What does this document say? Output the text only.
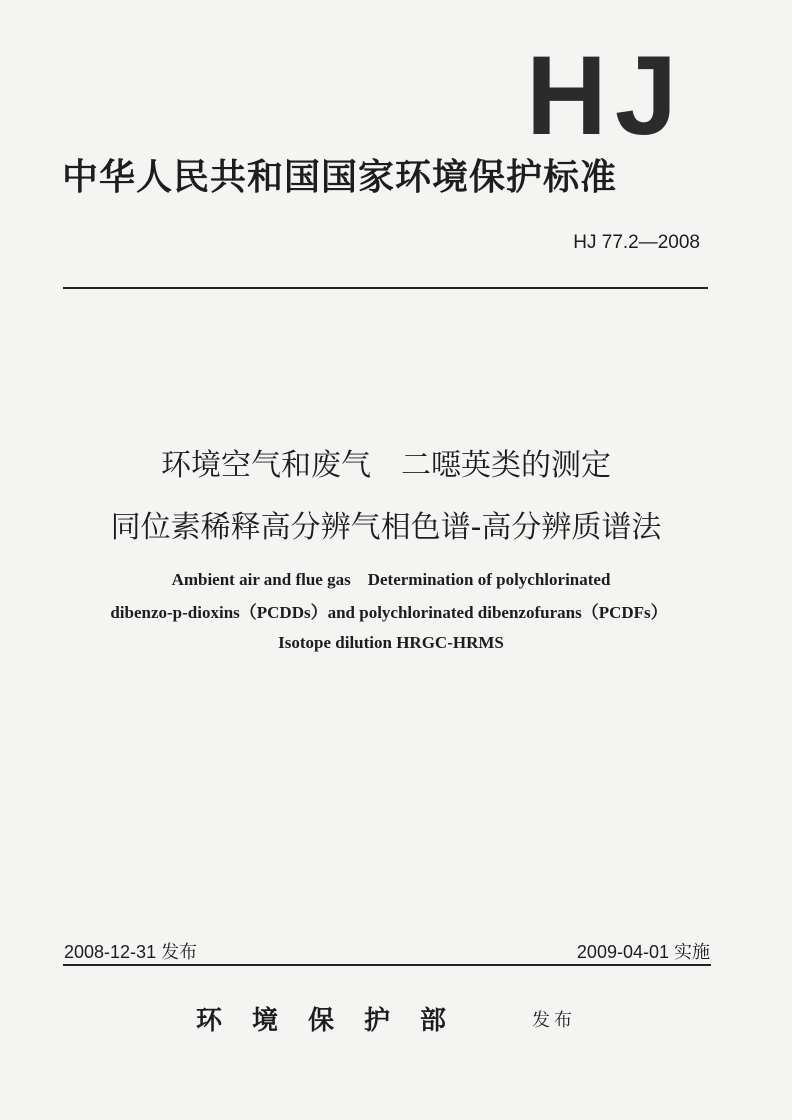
HJ
中华人民共和国国家环境保护标准
HJ 77.2—2008
环境空气和废气　二噁英类的测定
同位素稀释高分辨气相色谱-高分辨质谱法
Ambient air and flue gas　Determination of polychlorinated
dibenzo-p-dioxins（PCDDs）and polychlorinated dibenzofurans（PCDFs）
Isotope dilution HRGC-HRMS
2008-12-31 发布	2009-04-01 实施
环境保护部	发布
